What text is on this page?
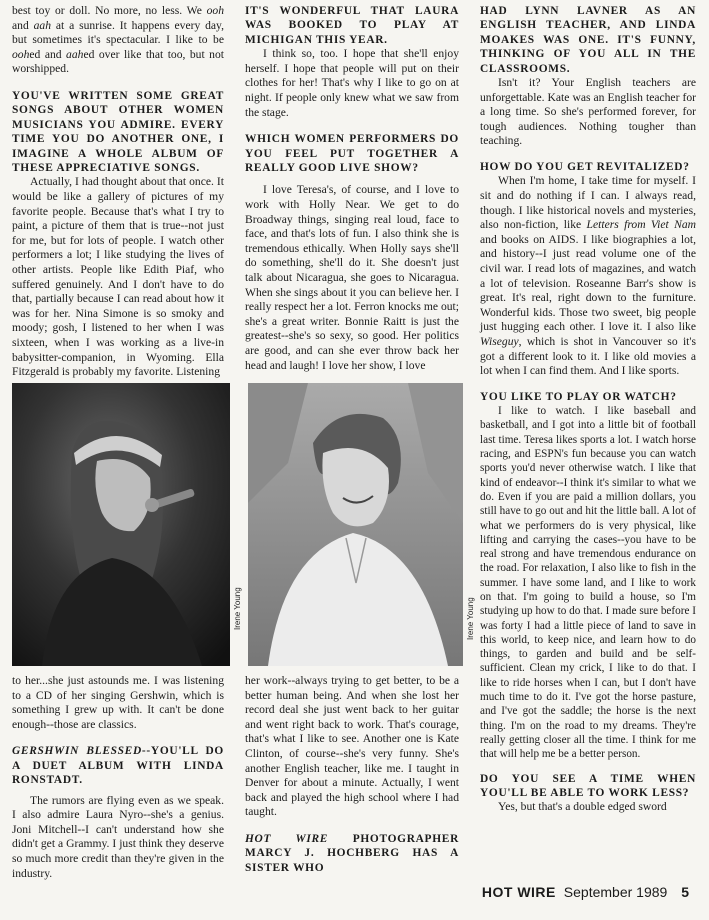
best toy or doll. No more, no less. We ooh and aah at a sunrise. It happens every day, but sometimes it's spectacular. I like to be oohed and aahed over like that too, but not worshipped.

YOU'VE WRITTEN SOME GREAT SONGS ABOUT OTHER WOMEN MUSICIANS YOU ADMIRE. EVERY TIME YOU DO ANOTHER ONE, I IMAGINE A WHOLE ALBUM OF THESE APPRECIATIVE SONGS.

Actually, I had thought about that once. It would be like a gallery of pictures of my favorite people. Because that's what I try to paint, a picture of them that is true--not just for me, but for lots of people. I watch other performers a lot; I like studying the lives of other artists. People like Edith Piaf, who suffered genuinely. And I don't have to do that, partially because I can read about how it was for her. Nina Simone is so smoky and moody; gosh, I listened to her when I was sixteen, when I was working as a live-in babysitter-companion, in Wyoming. Ella Fitzgerald is probably my favorite. Listening

IT'S WONDERFUL THAT LAURA WAS BOOKED TO PLAY AT MICHIGAN THIS YEAR.

I think so, too. I hope that she'll enjoy herself. I hope that people will put on their clothes for her! That's why I like to go on at night. If people only knew what we saw from the stage.

WHICH WOMEN PERFORMERS DO YOU FEEL PUT TOGETHER A REALLY GOOD LIVE SHOW?

I love Teresa's, of course, and I love to work with Holly Near. We get to do Broadway things, singing real loud, face to face, and that's lots of fun. I also think she is tremendous ethically. When Holly says she'll do something, she'll do it. She doesn't just talk about Nicaragua, she goes to Nicaragua. When she sings about it you can believe her. I really respect her a lot. Ferron knocks me out; she's a great writer. Bonnie Raitt is just the greatest--she's so sexy, so good. Her politics are good, and can she ever throw back her head and laugh! I love her show, I love

HAD LYNN LAVNER AS AN ENGLISH TEACHER, AND LINDA MOAKES WAS ONE. IT'S FUNNY, THINKING OF YOU ALL IN THE CLASSROOMS.

Isn't it? Your English teachers are unforgettable. Kate was an English teacher for a long time. So she's performed forever, for tough audiences. Nothing tougher than teaching.

HOW DO YOU GET REVITALIZED?

When I'm home, I take time for myself. I sit and do nothing if I can. I always read, though. I like historical novels and mysteries, also non-fiction, like Letters from Viet Nam and books on AIDS. I like biographies a lot, and history--I just read volume one of the civil war. I read lots of magazines, and watch a lot of television. Roseanne Barr's show is great. It's real, right down to the furniture. Wonderful kids. Those two sweet, big people just hugging each other. I love it. I also like Wiseguy, which is shot in Vancouver so it's got a different look to it. I like old movies a lot when I can find them. And I like sports.

YOU LIKE TO PLAY OR WATCH?

I like to watch. I like baseball and basketball, and I got into a little bit of football last time. Teresa likes sports a lot. I watch horse racing, and ESPN's fun because you can watch sports you'd never otherwise watch. I like that kind of endeavor--I think it's similar to what we do. Even if you are paid a million dollars, you still have to go out and hit the little ball. A lot of what we performers do is very physical, like lifting and carrying the cases--you have to be real strong and have tremendous endurance on the road. For relaxation, I also like to fish in the summer. I have some land, and I like to work on that. I'm going to build a house, so I'm studying up how to do that. I made sure before I was forty I had a little piece of land to save in this world, to keep nice, and learn how to do things, to garden and build and be self-sufficient. Clean my crick, I like to do that. I like to ride horses when I can, but I don't have much time to do it. I've got the horse pasture, and I've got the saddle; the horse is the next thing. I'm on the road to my dreams. They're really getting closer all the time. I think for me that will help me be a better person.

DO YOU SEE A TIME WHEN YOU'LL BE ABLE TO WORK LESS?

Yes, but that's a double edged sword

Irene Young	Irene Young

to her...she just astounds me. I was listening to a CD of her singing Gershwin, which is something I grew up with. It can't be done enough--those are classics.

GERSHWIN BLESSED--YOU'LL DO A DUET ALBUM WITH LINDA RONSTADT.

The rumors are flying even as we speak. I also admire Laura Nyro--she's a genius. Joni Mitchell--I can't understand how she didn't get a Grammy. I just think they deserve so much more credit than they're given in the industry.

her work--always trying to get better, to be a better human being. And when she lost her record deal she just went back to her guitar and went right back to work. That's courage, that's what I like to see. Another one is Kate Clinton, of course--she's very funny. She's another English teacher, like me. I taught in Denver for about a minute. Actually, I went back and played the high school where I had taught.

HOT WIRE PHOTOGRAPHER MARCY J. HOCHBERG HAS A SISTER WHO

HOT WIRE September 1989 5
